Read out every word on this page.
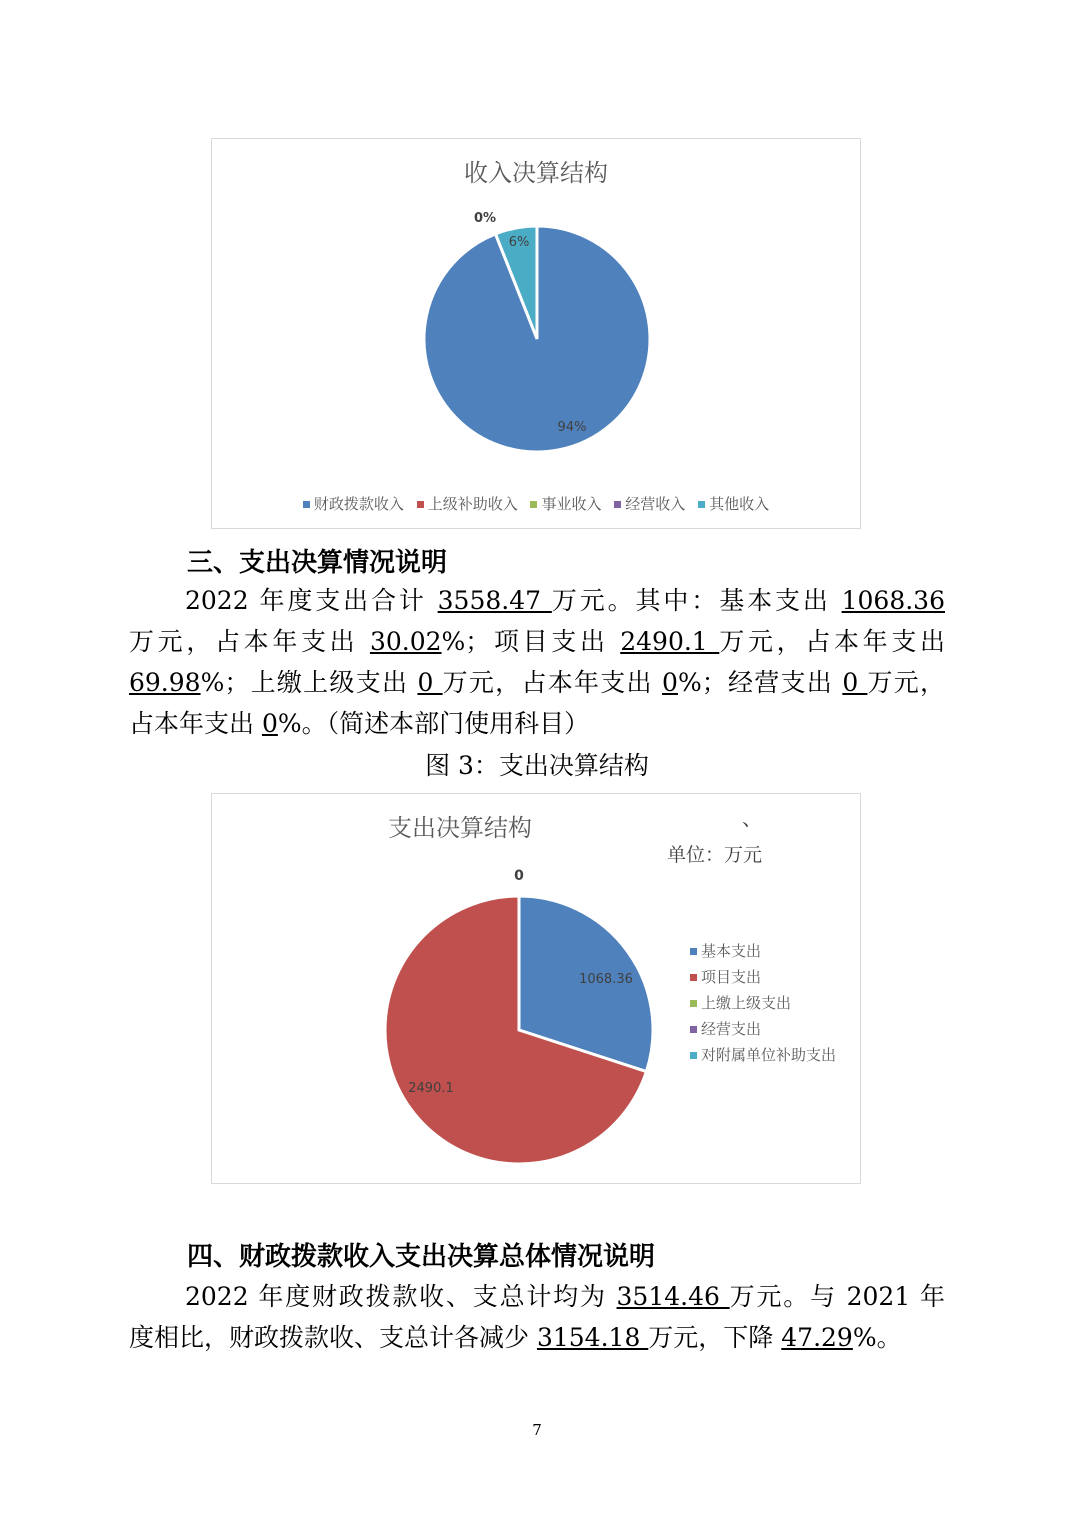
收入决算结构
94%
0%
6%
财政拨款收入 上级补助收入 事业收入 经营收入 其他收入
三、支出决算情况说明
2022 年度支出合计 3558.47 万元。其中：基本支出 1068.36
万元，占本年支出 30.02%；项目支出 2490.1 万元，占本年支出
69.98%；上缴上级支出 0 万元，占本年支出 0%；经营支出 0 万元，
占本年支出 0%。（简述本部门使用科目）
图 3：支出决算结构
支出决算结构	、
单位：万元
1068.36
2490.1
0
基本支出
项目支出
上缴上级支出
经营支出
对附属单位补助支出
四、财政拨款收入支出决算总体情况说明
2022 年度财政拨款收、支总计均为 3514.46 万元。与 2021 年
度相比，财政拨款收、支总计各减少 3154.18 万元，下降 47.29%。
7
